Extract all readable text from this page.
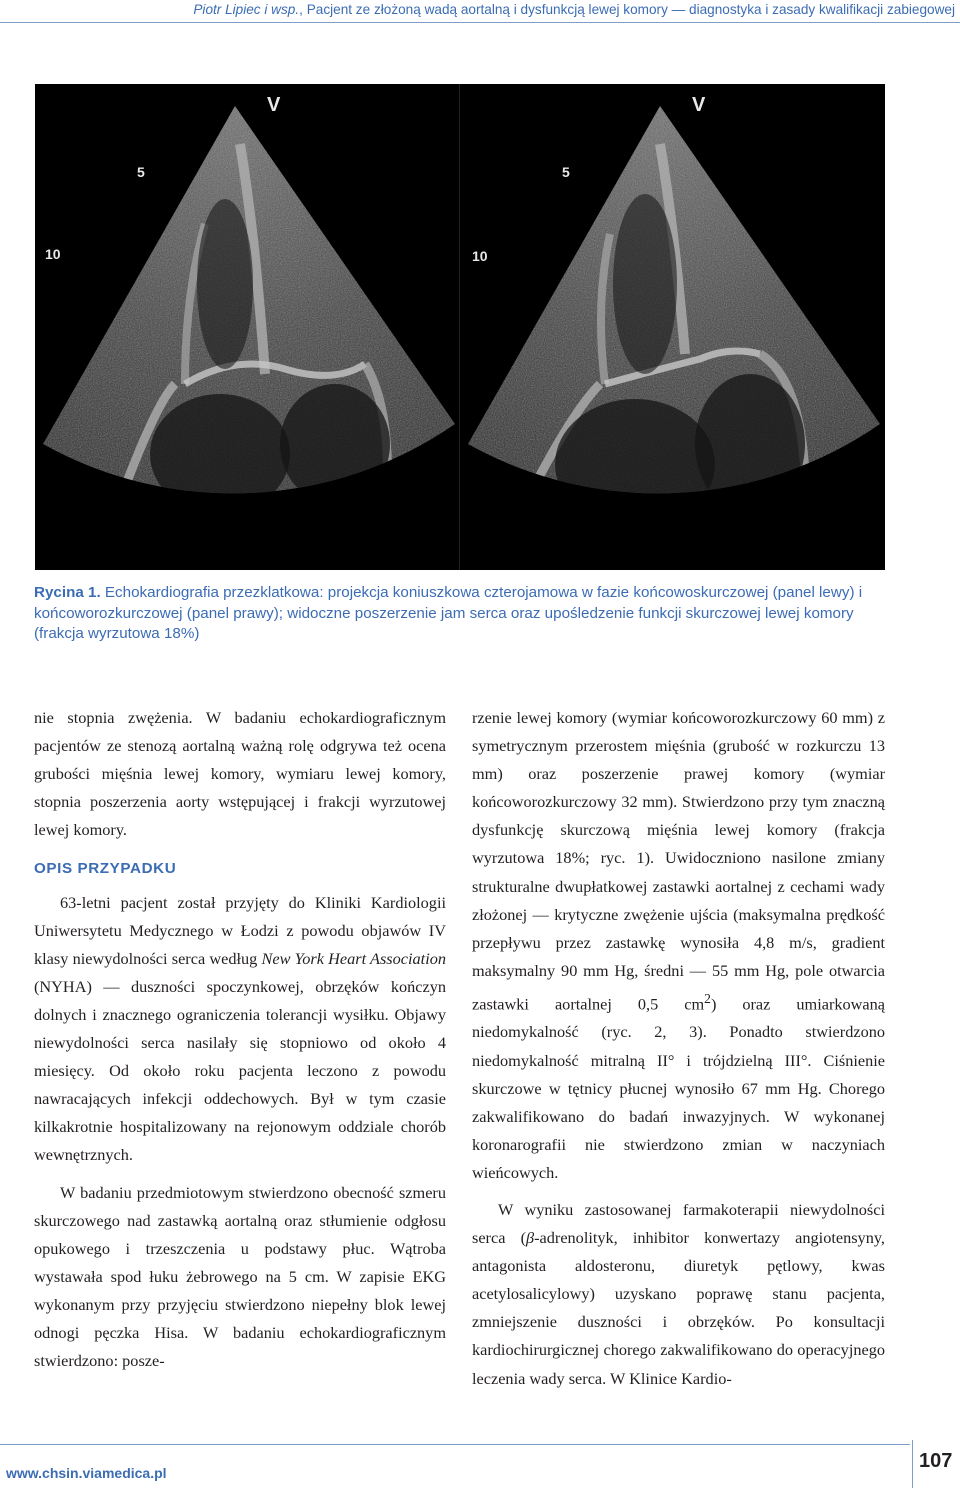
Piotr Lipiec i wsp., Pacjent ze złożoną wadą aortalną i dysfunkcją lewej komory — diagnostyka i zasady kwalifikacji zabiegowej
V
5
10
V
5
10
Rycina 1. Echokardiografia przezklatkowa: projekcja koniuszkowa czterojamowa w fazie końcowoskurczowej (panel lewy) i końcoworozkurczowej (panel prawy); widoczne poszerzenie jam serca oraz upośledzenie funkcji skurczowej lewej komory (frakcja wyrzutowa 18%)

nie stopnia zwężenia. W badaniu echokardiograficznym pacjentów ze stenozą aortalną ważną rolę odgrywa też ocena grubości mięśnia lewej komory, wymiaru lewej komory, stopnia poszerzenia aorty wstępującej i frakcji wyrzutowej lewej komory.

OPIS PRZYPADKU

63-letni pacjent został przyjęty do Kliniki Kardiologii Uniwersytetu Medycznego w Łodzi z powodu objawów IV klasy niewydolności serca według New York Heart Association (NYHA) — duszności spoczynkowej, obrzęków kończyn dolnych i znacznego ograniczenia tolerancji wysiłku. Objawy niewydolności serca nasilały się stopniowo od około 4 miesięcy. Od około roku pacjenta leczono z powodu nawracających infekcji oddechowych. Był w tym czasie kilkakrotnie hospitalizowany na rejonowym oddziale chorób wewnętrznych.

W badaniu przedmiotowym stwierdzono obecność szmeru skurczowego nad zastawką aortalną oraz stłumienie odgłosu opukowego i trzeszczenia u podstawy płuc. Wątroba wystawała spod łuku żebrowego na 5 cm. W zapisie EKG wykonanym przy przyjęciu stwierdzono niepełny blok lewej odnogi pęczka Hisa. W badaniu echokardiograficznym stwierdzono: posze-

rzenie lewej komory (wymiar końcoworozkurczowy 60 mm) z symetrycznym przerostem mięśnia (grubość w rozkurczu 13 mm) oraz poszerzenie prawej komory (wymiar końcoworozkurczowy 32 mm). Stwierdzono przy tym znaczną dysfunkcję skurczową mięśnia lewej komory (frakcja wyrzutowa 18%; ryc. 1). Uwidoczniono nasilone zmiany strukturalne dwupłatkowej zastawki aortalnej z cechami wady złożonej — krytyczne zwężenie ujścia (maksymalna prędkość przepływu przez zastawkę wynosiła 4,8 m/s, gradient maksymalny 90 mm Hg, średni — 55 mm Hg, pole otwarcia zastawki aortalnej 0,5 $cm^2$) oraz umiarkowaną niedomykalność (ryc. 2, 3). Ponadto stwierdzono niedomykalność mitralną II° i trójdzielną III°. Ciśnienie skurczowe w tętnicy płucnej wynosiło 67 mm Hg. Chorego zakwalifikowano do badań inwazyjnych. W wykonanej koronarografii nie stwierdzono zmian w naczyniach wieńcowych.

W wyniku zastosowanej farmakoterapii niewydolności serca (β-adrenolityk, inhibitor konwertazy angiotensyny, antagonista aldosteronu, diuretyk pętlowy, kwas acetylosalicylowy) uzyskano poprawę stanu pacjenta, zmniejszenie duszności i obrzęków. Po konsultacji kardiochirurgicznej chorego zakwalifikowano do operacyjnego leczenia wady serca. W Klinice Kardio-

www.chsin.viamedica.pl
107
